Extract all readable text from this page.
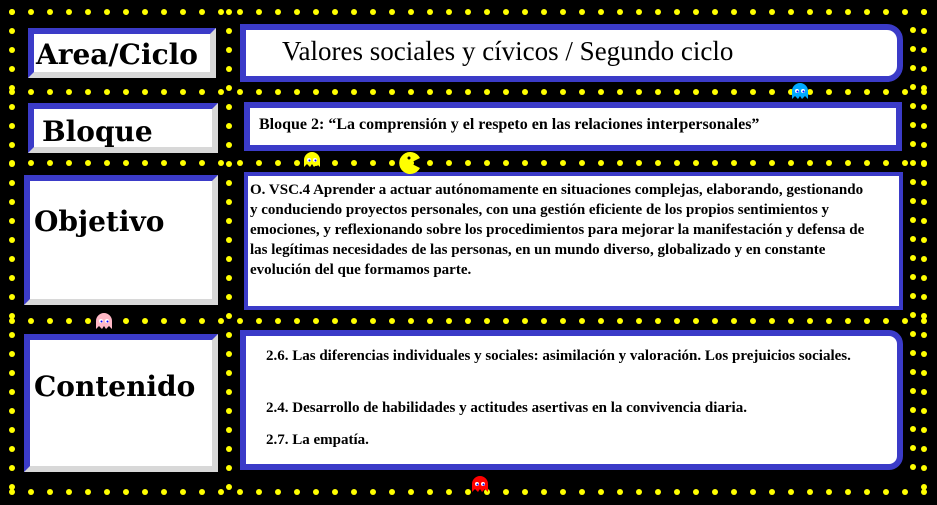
Area/Ciclo
Bloque
Objetivo
Contenido
Valores sociales y cívicos / Segundo ciclo
Bloque 2: “La comprensión y el respeto en las relaciones interpersonales”
O. VSC.4 Aprender a actuar autónomamente en situaciones complejas, elaborando, gestionando y conduciendo proyectos personales, con una gestión eficiente de los propios sentimientos y emociones, y reflexionando sobre los procedimientos para mejorar la manifestación y defensa de las legítimas necesidades de las personas, en un mundo diverso, globalizado y en constante evolución del que formamos parte.
2.6. Las diferencias individuales y sociales: asimilación y valoración. Los prejuicios sociales.
2.4. Desarrollo de habilidades y actitudes asertivas en la convivencia diaria.
2.7. La empatía.
